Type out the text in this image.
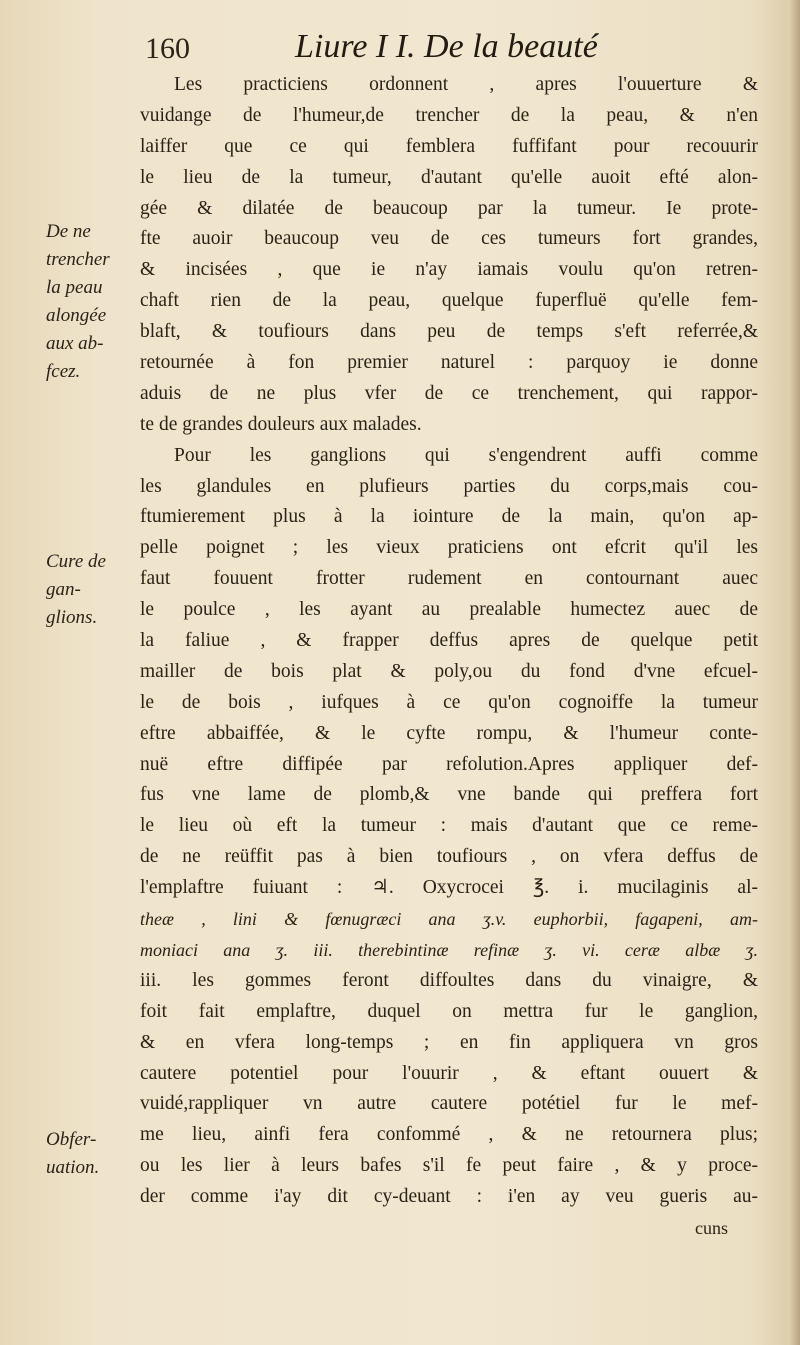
160	Liure I I. De la beauté
De ne
trencher
la peau
alongée
aux ab-
fcez.
Cure de
gan-
glions.
Obfer-
uation.
Les practiciens ordonnent , apres l'ouuerture &
vuidange de l'humeur,de trencher de la peau, & n'en
laiffer que ce qui femblera fuffifant pour recouurir
le lieu de la tumeur, d'autant qu'elle auoit efté alon-
gée & dilatée de beaucoup par la tumeur. Ie prote-
fte auoir beaucoup veu de ces tumeurs fort grandes,
& incisées , que ie n'ay iamais voulu qu'on retren-
chaft rien de la peau, quelque fuperfluë qu'elle fem-
blaft, & toufiours dans peu de temps s'eft referrée,&
retournée à fon premier naturel : parquoy ie donne
aduis de ne plus vfer de ce trenchement, qui rappor-
te de grandes douleurs aux malades.
Pour les ganglions qui s'engendrent auffi comme
les glandules en plufieurs parties du corps,mais cou-
ftumierement plus à la iointure de la main, qu'on ap-
pelle poignet ; les vieux praticiens ont efcrit qu'il les
faut fouuent frotter rudement en contournant auec
le poulce , les ayant au prealable humectez auec de
la faliue , & frapper deffus apres de quelque petit
mailler de bois plat & poly,ou du fond d'vne efcuel-
le de bois , iufques à ce qu'on cognoiffe la tumeur
eftre abbaiffée, & le cyfte rompu, & l'humeur conte-
nuë eftre diffipée par refolution.Apres appliquer def-
fus vne lame de plomb,& vne bande qui preffera fort
le lieu où eft la tumeur : mais d'autant que ce reme-
de ne reüffit pas à bien toufiours , on vfera deffus de
l'emplaftre fuiuant : ♃. Oxycrocei ℥. i. mucilaginis al-
theæ , lini & fœnugræci ana ʒ.v. euphorbii, fagapeni, am-
moniaci ana ʒ. iii. therebintinæ refinæ ʒ. vi. ceræ albæ ʒ.
iii. les gommes feront diffoultes dans du vinaigre, &
foit fait emplaftre, duquel on mettra fur le ganglion,
& en vfera long-temps ; en fin appliquera vn gros
cautere potentiel pour l'ouurir , & eftant ouuert &
vuidé,rappliquer vn autre cautere potétiel fur le mef-
me lieu, ainfi fera confommé , & ne retournera plus;
ou les lier à leurs bafes s'il fe peut faire , & y proce-
der comme i'ay dit cy-deuant : i'en ay veu gueris au-
cuns
